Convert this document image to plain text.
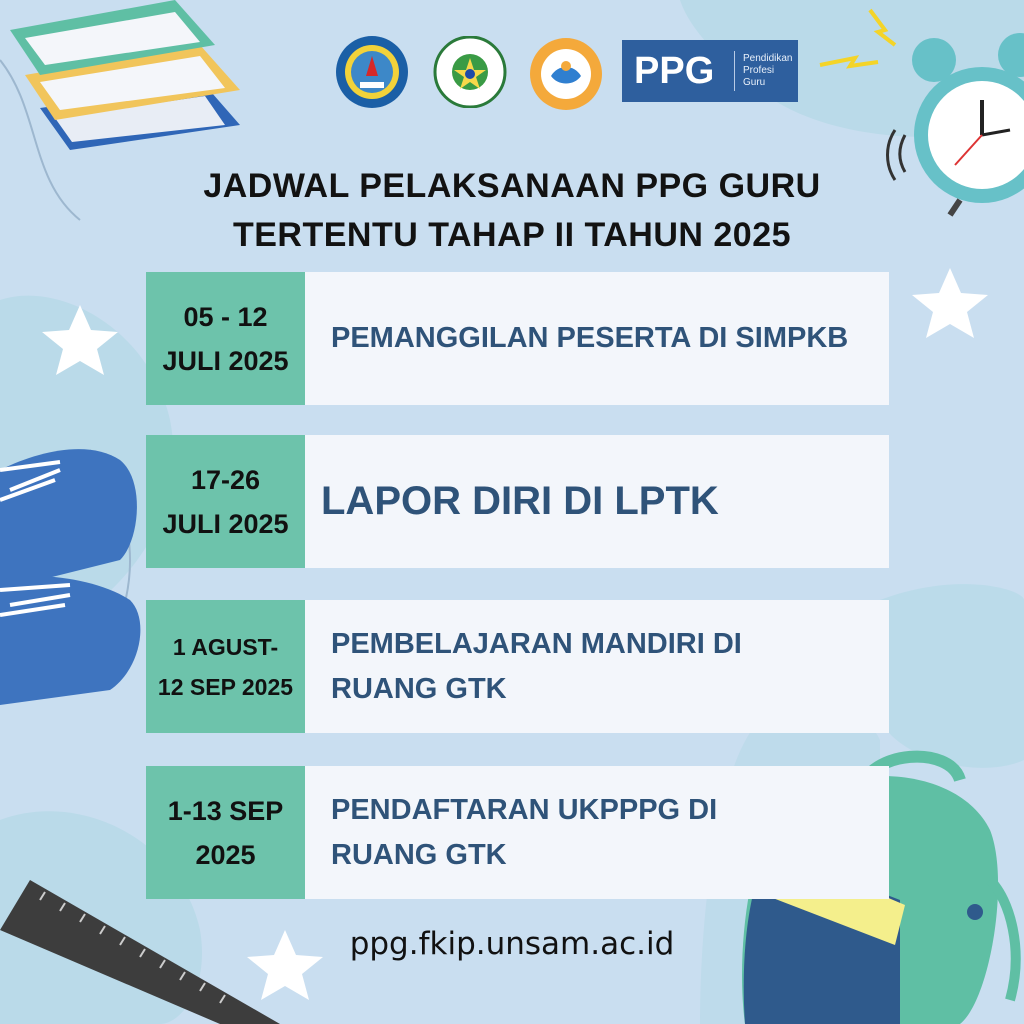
PPG	Pendidikan
Profesi
Guru
JADWAL PELAKSANAAN PPG GURU
TERTENTU TAHAP II TAHUN 2025
05 - 12
JULI 2025
PEMANGGILAN PESERTA DI SIMPKB
17-26
JULI 2025
LAPOR DIRI DI LPTK
1 AGUST-
12 SEP 2025
PEMBELAJARAN MANDIRI DI
RUANG GTK
1-13 SEP
2025
PENDAFTARAN UKPPPG DI
RUANG GTK
ppg.fkip.unsam.ac.id
